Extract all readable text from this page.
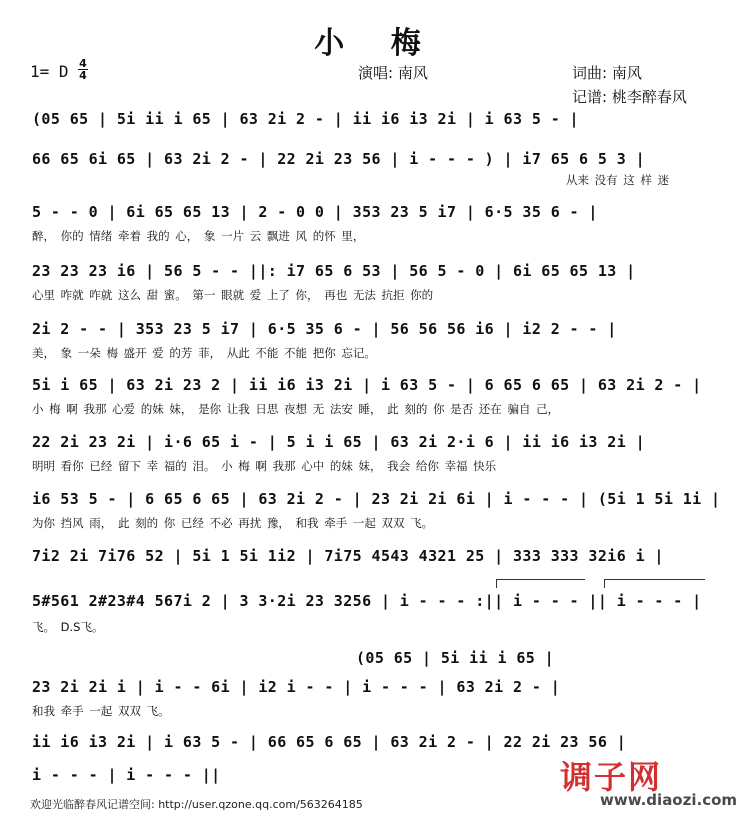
小 梅
1= D 4
4	演唱: 南风	词曲: 南风
记谱: 桃李醉春风
(05 65 | 5i ii i 65 | 63 2i 2 - | ii i6 i3 2i | i 63 5 - |
66 65 6i 65 | 63 2i 2 - | 22 2i 23 56 | i - - - ) | i7 65 6 5 3 |
从来 没有 这 样 迷
5 - - 0 | 6i 65 65 13 | 2 - 0 0 | 353 23 5 i7 | 6·5 35 6 - |
醉， 你的 情绪 牵着 我的 心， 象 一片 云 飘进 风 的怀 里，
23 23 23 i6 | 56 5 - - ||: i7 65 6 53 | 56 5 - 0 | 6i 65 65 13 |
心里 咋就 咋就 这么 甜 蜜。 第一 眼就 爱 上了 你， 再也 无法 抗拒 你的
2i 2 - - | 353 23 5 i7 | 6·5 35 6 - | 56 56 56 i6 | i2 2 - - |
美， 象 一朵 梅 盛开 爱 的芳 菲， 从此 不能 不能 把你 忘记。
5i i 65 | 63 2i 23 2 | ii i6 i3 2i | i 63 5 - | 6 65 6 65 | 63 2i 2 - |
小 梅 啊 我那 心爱 的妹 妹， 是你 让我 日思 夜想 无 法安 睡， 此 刻的 你 是否 还在 骗自 己，
22 2i 23 2i | i·6 65 i - | 5 i i 65 | 63 2i 2·i 6 | ii i6 i3 2i |
明明 看你 已经 留下 幸 福的 泪。 小 梅 啊 我那 心中 的妹 妹， 我会 给你 幸福 快乐
i6 53 5 - | 6 65 6 65 | 63 2i 2 - | 23 2i 2i 6i | i - - - | (5i 1 5i 1i |
为你 挡风 雨， 此 刻的 你 已经 不必 再扰 豫， 和我 牵手 一起 双双 飞。
7i2 2i 7i76 52 | 5i 1 5i 1i2 | 7i75 4543 4321 25 | 333 333 32i6 i |
5#561 2#23#4 567i 2 | 3 3·2i 23 3256 | i - - - :|| i - - - || i - - - |
飞。 D.S飞。
(05 65 | 5i ii i 65 |
23 2i 2i i | i - - 6i | i2 i - - | i - - - | 63 2i 2 - |
和我 牵手 一起 双双 飞。
ii i6 i3 2i | i 63 5 - | 66 65 6 65 | 63 2i 2 - | 22 2i 23 56 |
i - - - | i - - - ||
欢迎光临醉春风记谱空间: http://user.qzone.qq.com/563264185
调子网
www.diaozi.com
